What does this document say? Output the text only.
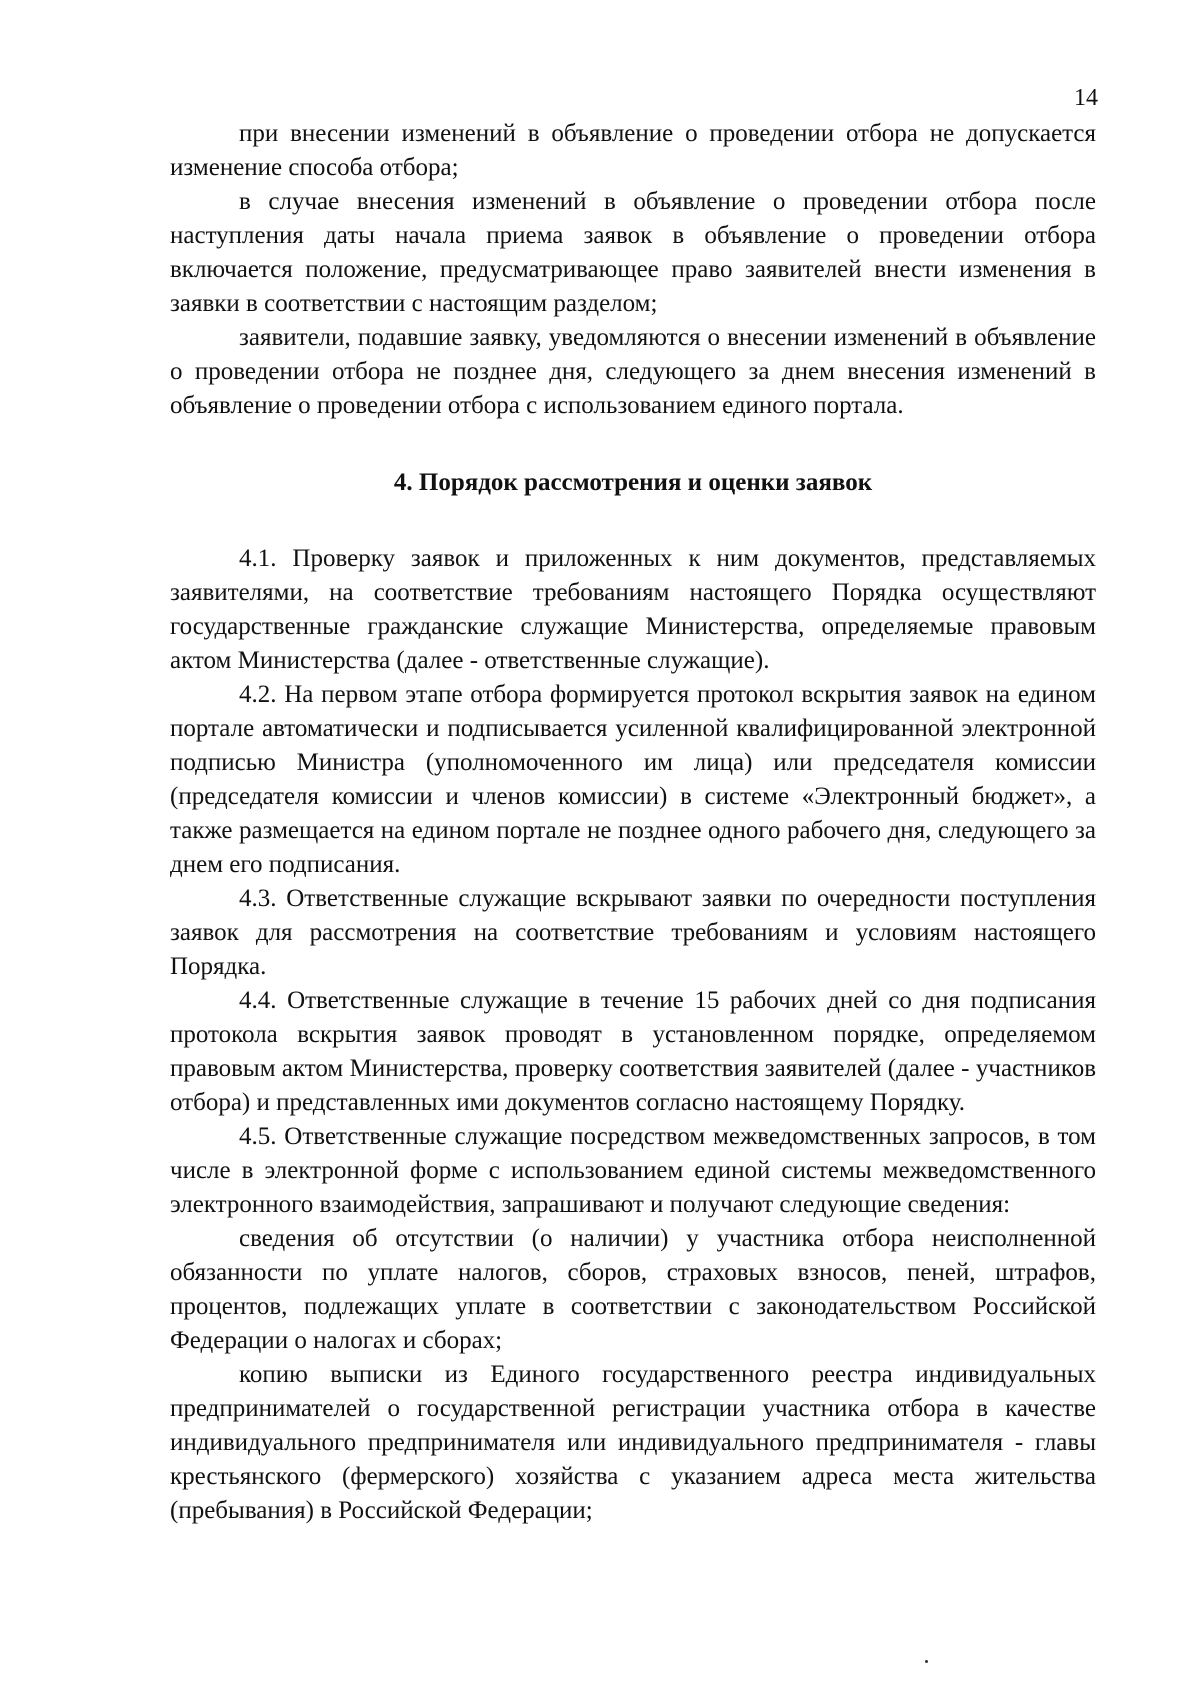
14

при внесении изменений в объявление о проведении отбора не допускается изменение способа отбора;

в случае внесения изменений в объявление о проведении отбора после наступления даты начала приема заявок в объявление о проведении отбора включается положение, предусматривающее право заявителей внести изменения в заявки в соответствии с настоящим разделом;

заявители, подавшие заявку, уведомляются о внесении изменений в объявление о проведении отбора не позднее дня, следующего за днем внесения изменений в объявление о проведении отбора с использованием единого портала.

4. Порядок рассмотрения и оценки заявок

4.1. Проверку заявок и приложенных к ним документов, представляемых заявителями, на соответствие требованиям настоящего Порядка осуществляют государственные гражданские служащие Министерства, определяемые правовым актом Министерства (далее - ответственные служащие).

4.2. На первом этапе отбора формируется протокол вскрытия заявок на едином портале автоматически и подписывается усиленной квалифицированной электронной подписью Министра (уполномоченного им лица) или председателя комиссии (председателя комиссии и членов комиссии) в системе «Электронный бюджет», а также размещается на едином портале не позднее одного рабочего дня, следующего за днем его подписания.

4.3. Ответственные служащие вскрывают заявки по очередности поступления заявок для рассмотрения на соответствие требованиям и условиям настоящего Порядка.

4.4. Ответственные служащие в течение 15 рабочих дней со дня подписания протокола вскрытия заявок проводят в установленном порядке, определяемом правовым актом Министерства, проверку соответствия заявителей (далее - участников отбора) и представленных ими документов согласно настоящему Порядку.

4.5. Ответственные служащие посредством межведомственных запросов, в том числе в электронной форме с использованием единой системы межведомственного электронного взаимодействия, запрашивают и получают следующие сведения:

сведения об отсутствии (о наличии) у участника отбора неисполненной обязанности по уплате налогов, сборов, страховых взносов, пеней, штрафов, процентов, подлежащих уплате в соответствии с законодательством Российской Федерации о налогах и сборах;

копию выписки из Единого государственного реестра индивидуальных предпринимателей о государственной регистрации участника отбора в качестве индивидуального предпринимателя или индивидуального предпринимателя - главы крестьянского (фермерского) хозяйства с указанием адреса места жительства (пребывания) в Российской Федерации;
